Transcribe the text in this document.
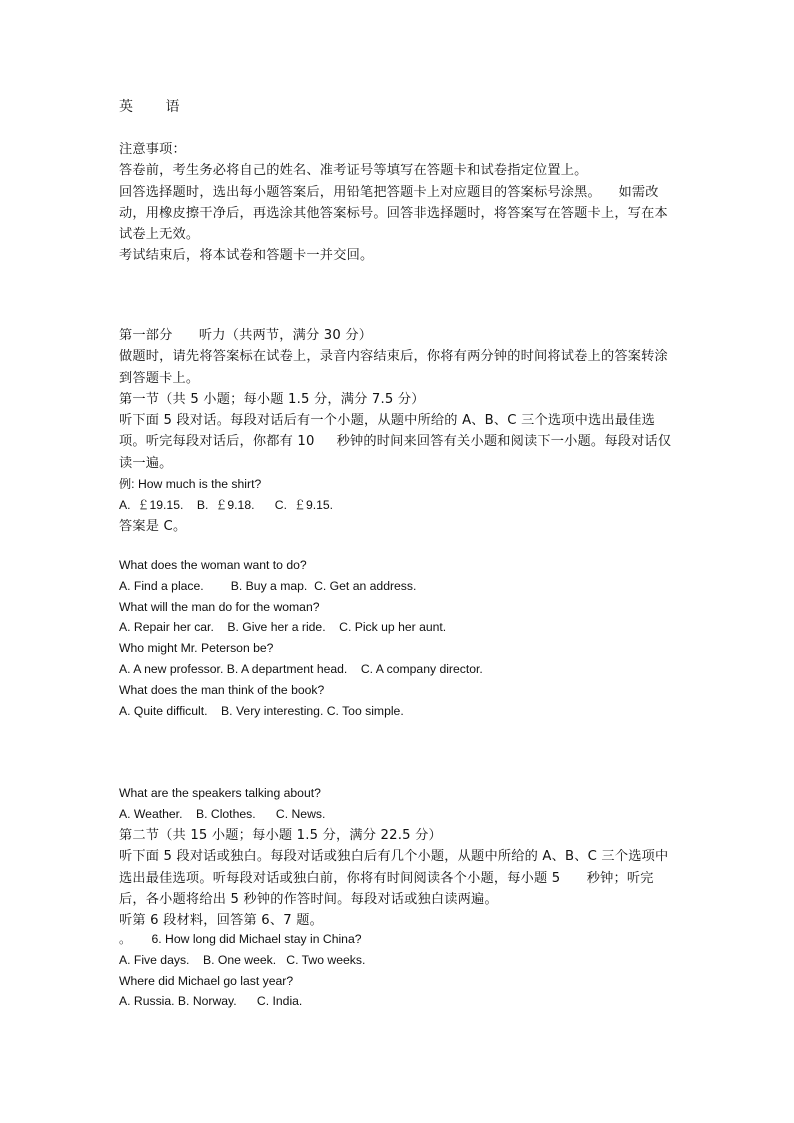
英 语

注意事项：

答卷前，考生务必将自己的姓名、准考证号等填写在答题卡和试卷指定位置上。

回答选择题时，选出每小题答案后，用铅笔把答题卡上对应题目的答案标号涂黑。    如需改动，用橡皮擦干净后，再选涂其他答案标号。回答非选择题时，将答案写在答题卡上，写在本试卷上无效。

考试结束后，将本试卷和答题卡一并交回。

第一部分      听力（共两节，满分 30 分）

做题时，请先将答案标在试卷上，录音内容结束后，你将有两分钟的时间将试卷上的答案转涂到答题卡上。

第一节（共 5 小题；每小题 1.5 分，满分 7.5 分）

听下面 5 段对话。每段对话后有一个小题，从题中所给的 A、B、C 三个选项中选出最佳选项。听完每段对话后，你都有 10     秒钟的时间来回答有关小题和阅读下一小题。每段对话仅读一遍。

例: How much is the shirt?

A.  ￡19.15.    B.  ￡9.18.      C.  ￡9.15.

答案是 C。

What does the woman want to do?

A. Find a place.        B. Buy a map.  C. Get an address.

What will the man do for the woman?

A. Repair her car.    B. Give her a ride.    C. Pick up her aunt.

Who might Mr. Peterson be?

A. A new professor. B. A department head.    C. A company director.

What does the man think of the book?

A. Quite difficult.    B. Very interesting. C. Too simple.

What are the speakers talking about?

A. Weather.    B. Clothes.      C. News.

第二节（共 15 小题；每小题 1.5 分，满分 22.5 分）

听下面 5 段对话或独白。每段对话或独白后有几个小题，从题中所给的 A、B、C 三个选项中选出最佳选项。听每段对话或独白前，你将有时间阅读各个小题，每小题 5      秒钟；听完后，各小题将给出 5 秒钟的作答时间。每段对话或独白读两遍。

听第 6 段材料，回答第 6、7 题。

。      6. How long did Michael stay in China?

A. Five days.    B. One week.   C. Two weeks.

Where did Michael go last year?

A. Russia. B. Norway.      C. India.
